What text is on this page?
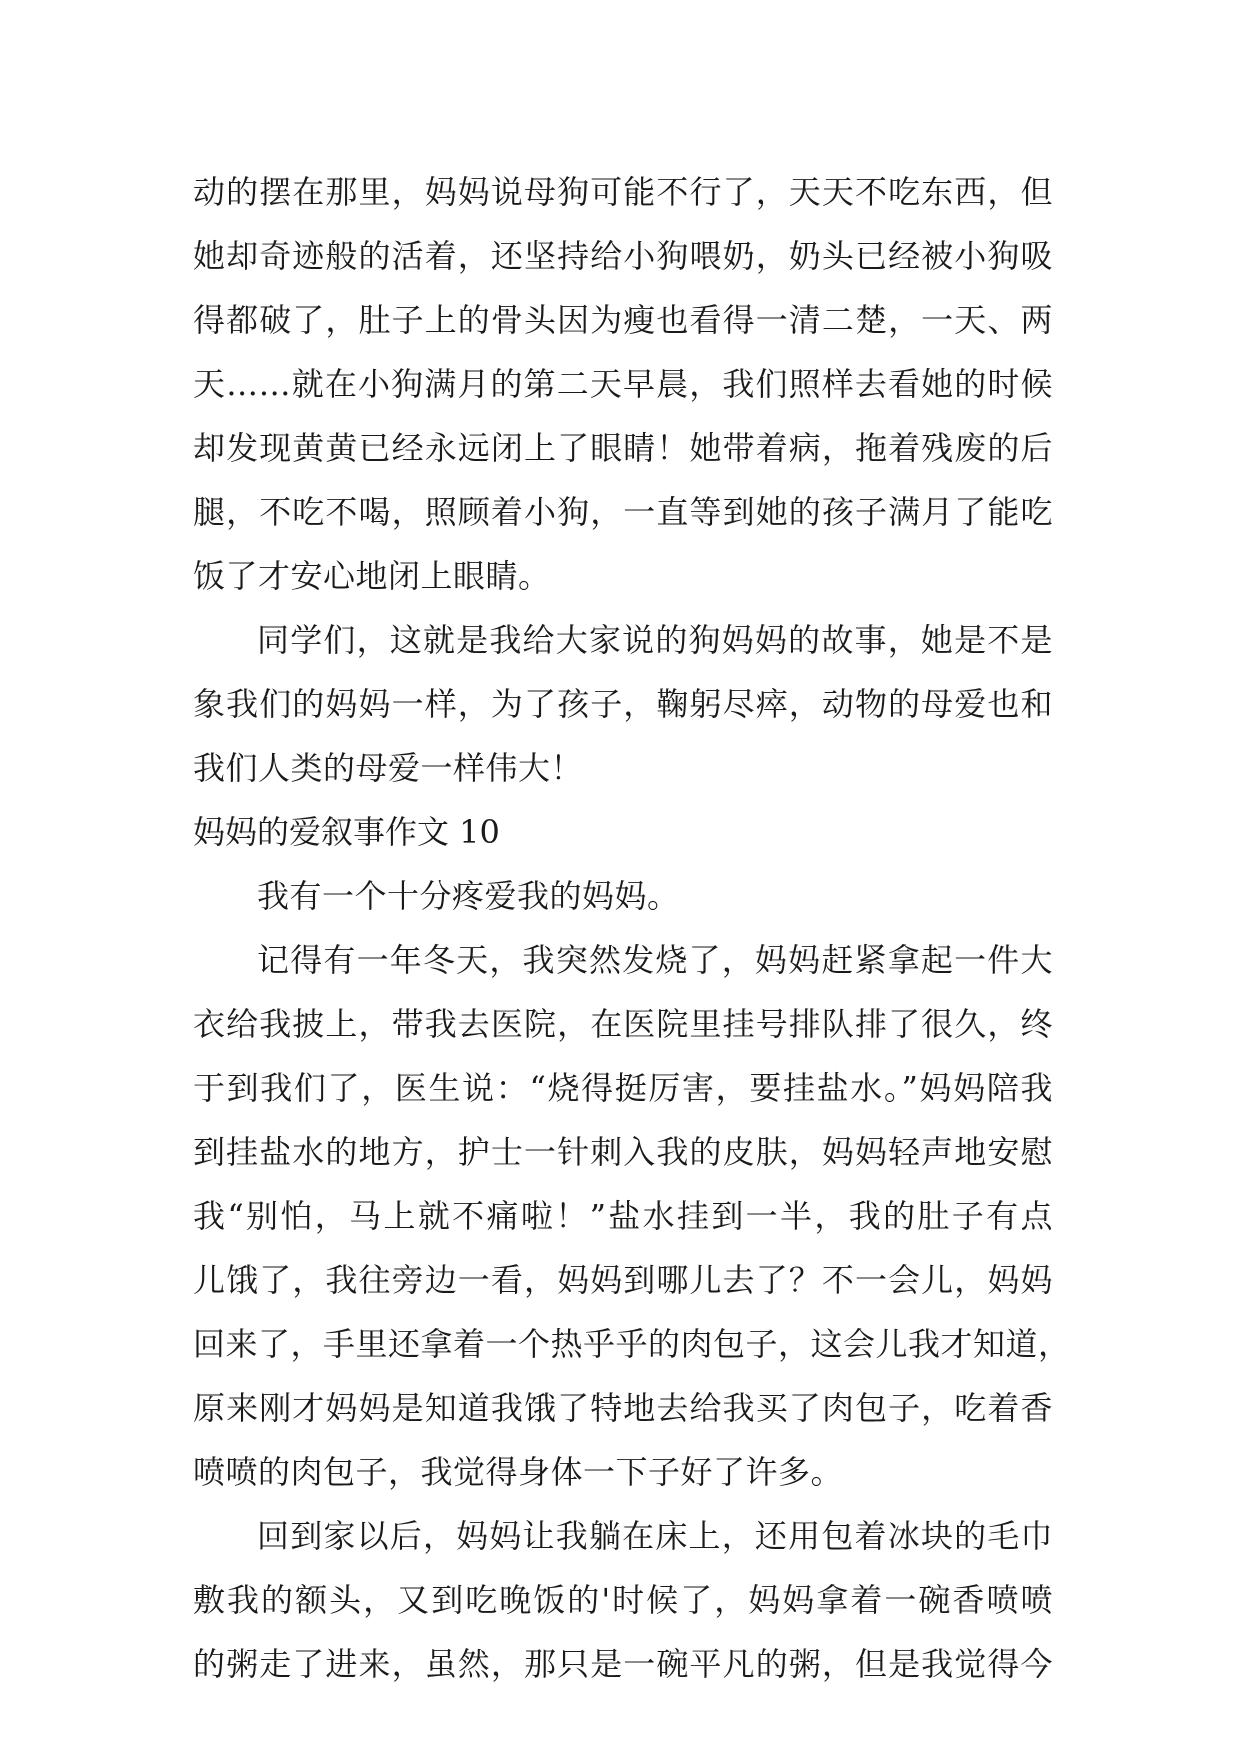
动的摆在那里，妈妈说母狗可能不行了，天天不吃东西，但
她却奇迹般的活着，还坚持给小狗喂奶，奶头已经被小狗吸
得都破了，肚子上的骨头因为瘦也看得一清二楚，一天、两
天……就在小狗满月的第二天早晨，我们照样去看她的时候
却发现黄黄已经永远闭上了眼睛！她带着病，拖着残废的后
腿，不吃不喝，照顾着小狗，一直等到她的孩子满月了能吃
饭了才安心地闭上眼睛。
同学们，这就是我给大家说的狗妈妈的故事，她是不是
象我们的妈妈一样，为了孩子，鞠躬尽瘁，动物的母爱也和
我们人类的母爱一样伟大！
妈妈的爱叙事作文 10
我有一个十分疼爱我的妈妈。
记得有一年冬天，我突然发烧了，妈妈赶紧拿起一件大
衣给我披上，带我去医院，在医院里挂号排队排了很久，终
于到我们了，医生说：“烧得挺厉害，要挂盐水。”妈妈陪我
到挂盐水的地方，护士一针刺入我的皮肤，妈妈轻声地安慰
我“别怕，马上就不痛啦！”盐水挂到一半，我的肚子有点
儿饿了，我往旁边一看，妈妈到哪儿去了？不一会儿，妈妈
回来了，手里还拿着一个热乎乎的肉包子，这会儿我才知道，
原来刚才妈妈是知道我饿了特地去给我买了肉包子，吃着香
喷喷的肉包子，我觉得身体一下子好了许多。
回到家以后，妈妈让我躺在床上，还用包着冰块的毛巾
敷我的额头，又到吃晚饭的'时候了，妈妈拿着一碗香喷喷
的粥走了进来，虽然，那只是一碗平凡的粥，但是我觉得今
